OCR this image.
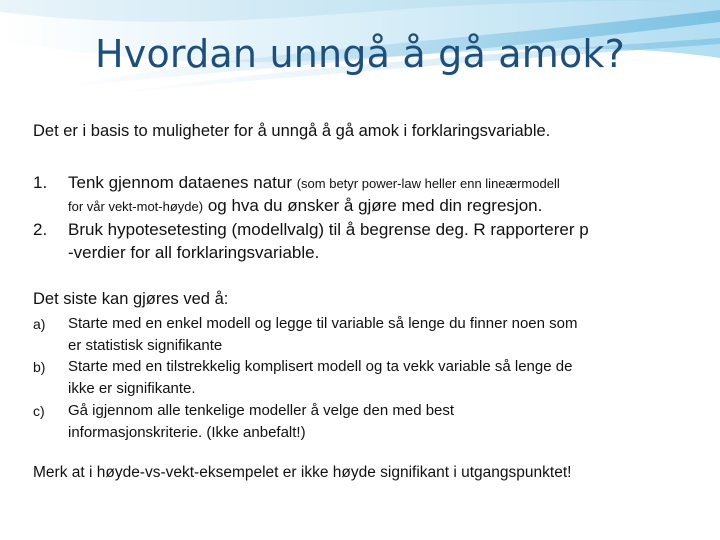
Hvordan unngå å gå amok?
Det er i basis to muligheter for å unngå å gå amok i forklaringsvariable.
1. Tenk gjennom dataenes natur (som betyr power-law heller enn lineærmodell
for vår vekt-mot-høyde) og hva du ønsker å gjøre med din regresjon.
2. Bruk hypotesetesting (modellvalg) til å begrense deg. R rapporterer p
-verdier for all forklaringsvariable.
Det siste kan gjøres ved å:
a) Starte med en enkel modell og legge til variable så lenge du finner noen som
er statistisk signifikante
b) Starte med en tilstrekkelig komplisert modell og ta vekk variable så lenge de
ikke er signifikante.
c) Gå igjennom alle tenkelige modeller å velge den med best
informasjonskriterie. (Ikke anbefalt!)
Merk at i høyde-vs-vekt-eksempelet er ikke høyde signifikant i utgangspunktet!
